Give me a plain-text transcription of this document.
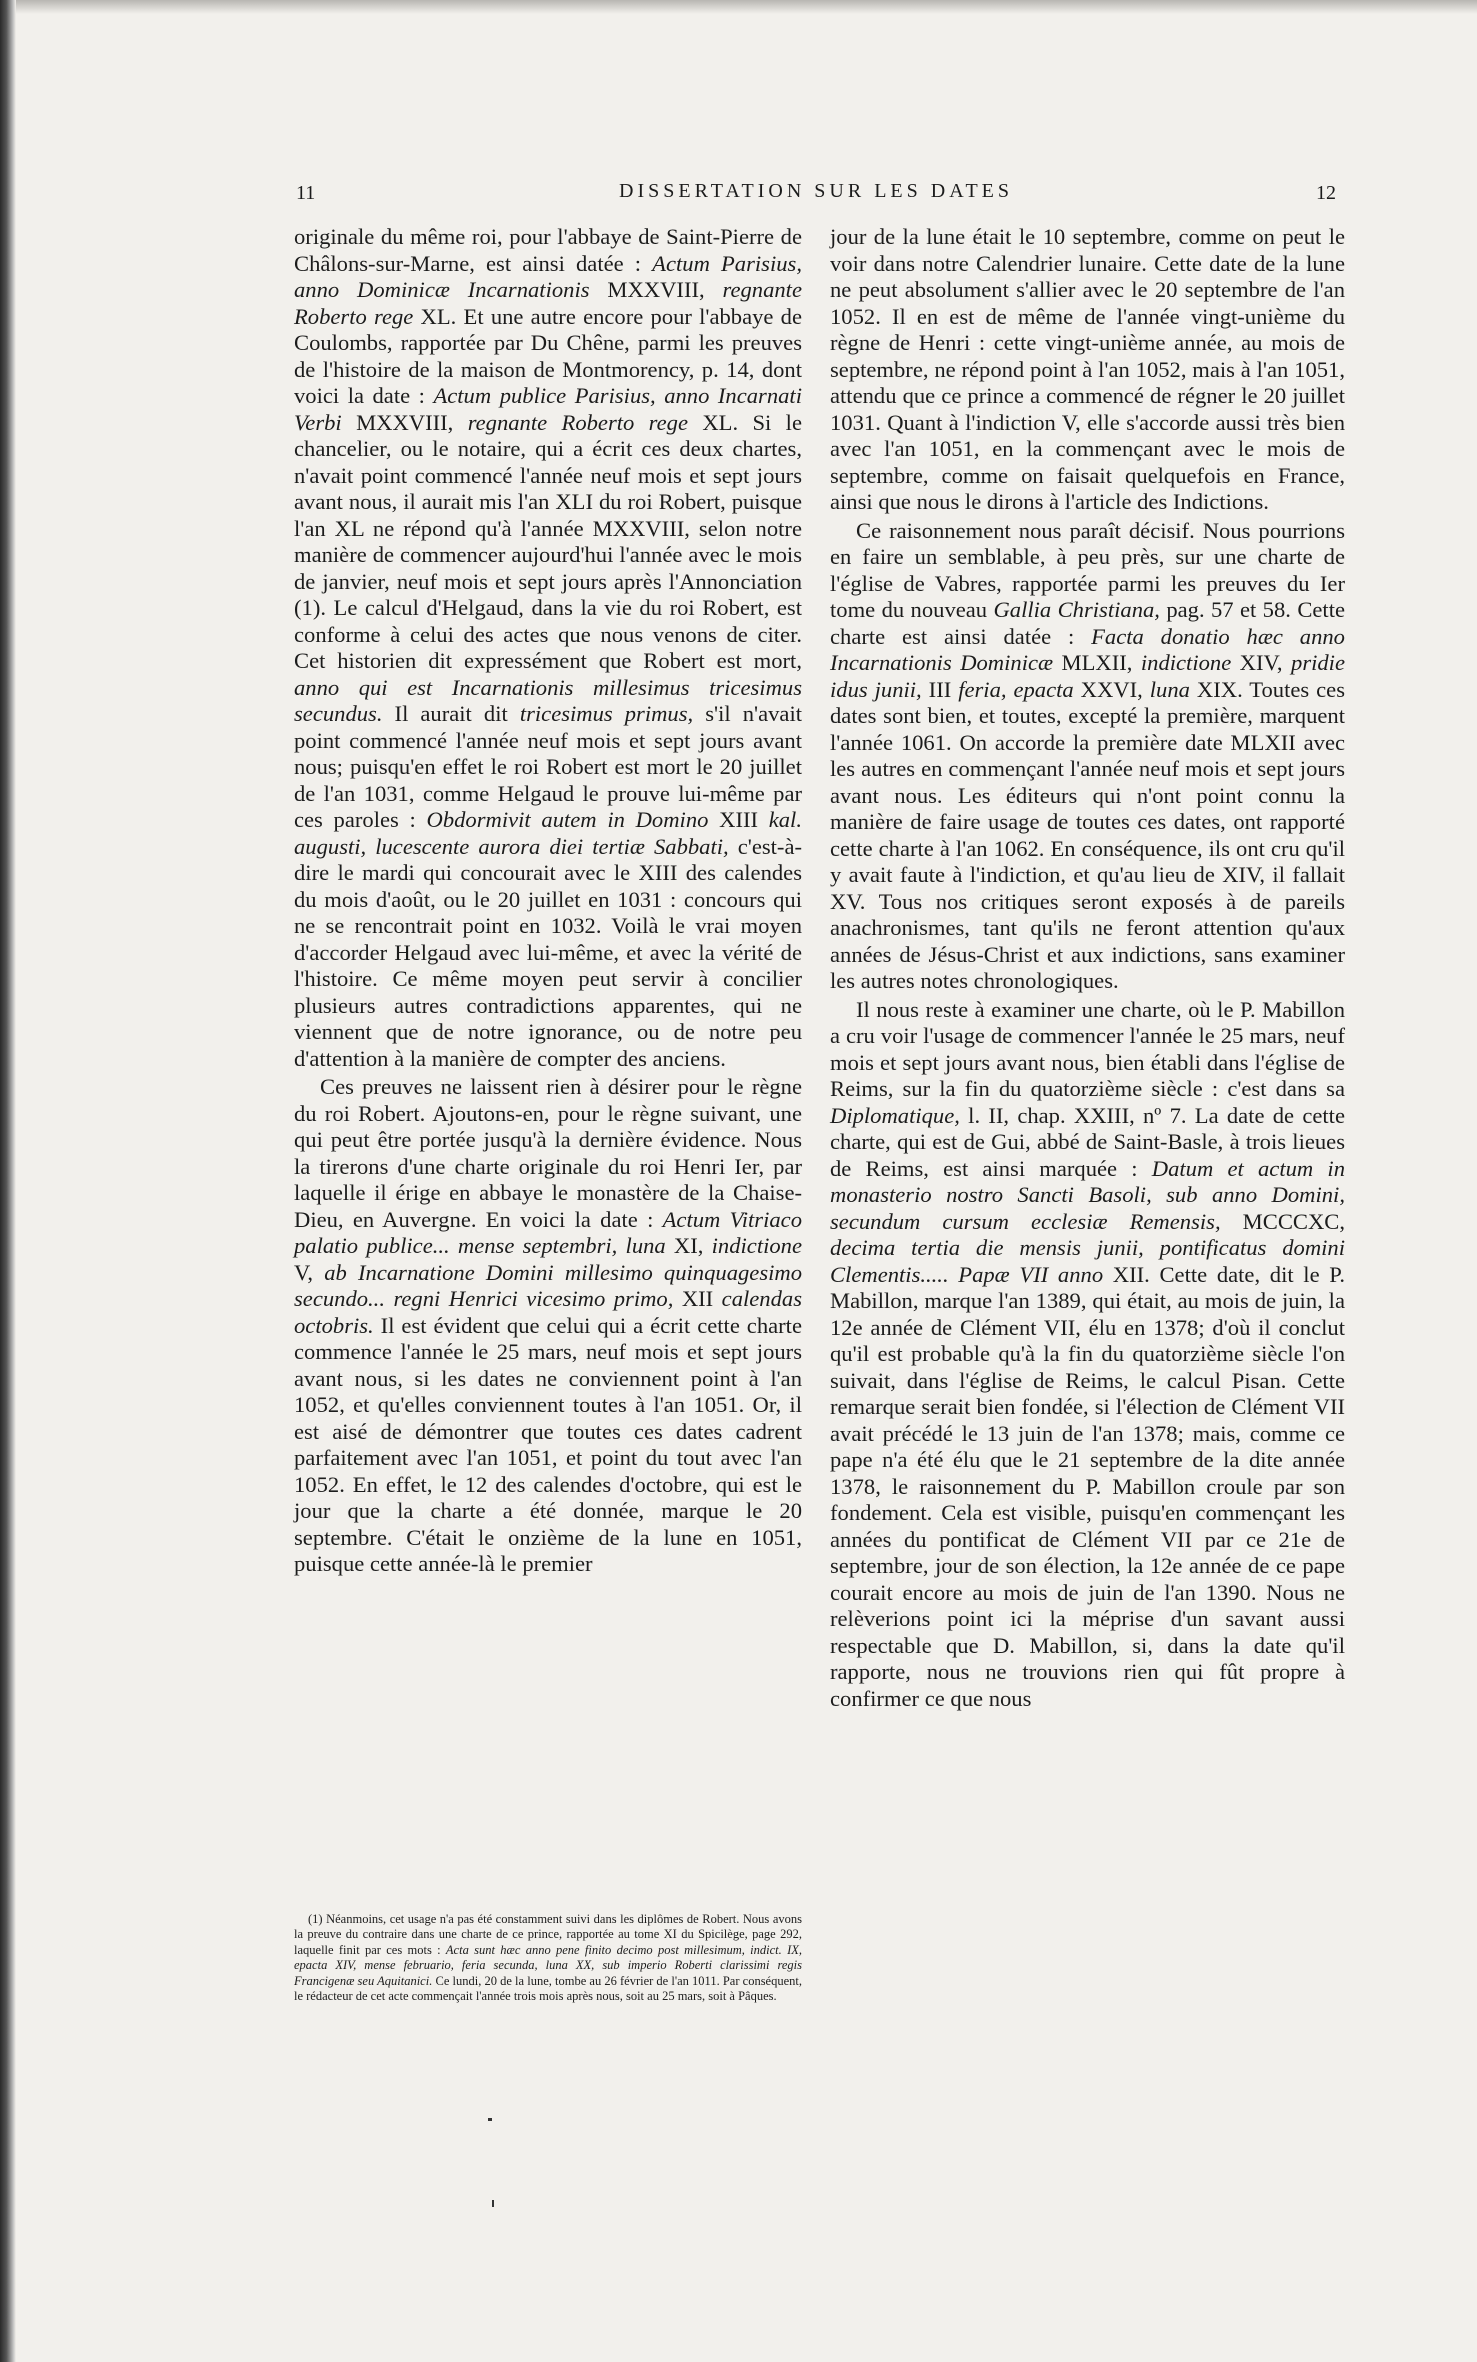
11	DISSERTATION SUR LES DATES	12

originale du même roi, pour l'abbaye de Saint-Pierre de Châlons-sur-Marne, est ainsi datée : Actum Parisius, anno Dominicæ Incarnationis MXXVIII, regnante Roberto rege XL. Et une autre encore pour l'abbaye de Coulombs, rapportée par Du Chêne, parmi les preuves de l'histoire de la maison de Montmorency, p. 14, dont voici la date : Actum publice Parisius, anno Incarnati Verbi MXXVIII, regnante Roberto rege XL. Si le chancelier, ou le notaire, qui a écrit ces deux chartes, n'avait point commencé l'année neuf mois et sept jours avant nous, il aurait mis l'an XLI du roi Robert, puisque l'an XL ne répond qu'à l'année MXXVIII, selon notre manière de commencer aujourd'hui l'année avec le mois de janvier, neuf mois et sept jours après l'Annonciation (1). Le calcul d'Helgaud, dans la vie du roi Robert, est conforme à celui des actes que nous venons de citer. Cet historien dit expressément que Robert est mort, anno qui est Incarnationis millesimus tricesimus secundus. Il aurait dit tricesimus primus, s'il n'avait point commencé l'année neuf mois et sept jours avant nous; puisqu'en effet le roi Robert est mort le 20 juillet de l'an 1031, comme Helgaud le prouve lui-même par ces paroles : Obdormivit autem in Domino XIII kal. augusti, lucescente aurora diei tertiæ Sabbati, c'est-à-dire le mardi qui concourait avec le XIII des calendes du mois d'août, ou le 20 juillet en 1031 : concours qui ne se rencontrait point en 1032. Voilà le vrai moyen d'accorder Helgaud avec lui-même, et avec la vérité de l'histoire. Ce même moyen peut servir à concilier plusieurs autres contradictions apparentes, qui ne viennent que de notre ignorance, ou de notre peu d'attention à la manière de compter des anciens.

Ces preuves ne laissent rien à désirer pour le règne du roi Robert. Ajoutons-en, pour le règne suivant, une qui peut être portée jusqu'à la dernière évidence. Nous la tirerons d'une charte originale du roi Henri Ier, par laquelle il érige en abbaye le monastère de la Chaise-Dieu, en Auvergne. En voici la date : Actum Vitriaco palatio publice... mense septembri, luna XI, indictione V, ab Incarnatione Domini millesimo quinquagesimo secundo... regni Henrici vicesimo primo, XII calendas octobris. Il est évident que celui qui a écrit cette charte commence l'année le 25 mars, neuf mois et sept jours avant nous, si les dates ne conviennent point à l'an 1052, et qu'elles conviennent toutes à l'an 1051. Or, il est aisé de démontrer que toutes ces dates cadrent parfaitement avec l'an 1051, et point du tout avec l'an 1052. En effet, le 12 des calendes d'octobre, qui est le jour que la charte a été donnée, marque le 20 septembre. C'était le onzième de la lune en 1051, puisque cette année-là le premier

jour de la lune était le 10 septembre, comme on peut le voir dans notre Calendrier lunaire. Cette date de la lune ne peut absolument s'allier avec le 20 septembre de l'an 1052. Il en est de même de l'année vingt-unième du règne de Henri : cette vingt-unième année, au mois de septembre, ne répond point à l'an 1052, mais à l'an 1051, attendu que ce prince a commencé de régner le 20 juillet 1031. Quant à l'indiction V, elle s'accorde aussi très bien avec l'an 1051, en la commençant avec le mois de septembre, comme on faisait quelquefois en France, ainsi que nous le dirons à l'article des Indictions.

Ce raisonnement nous paraît décisif. Nous pourrions en faire un semblable, à peu près, sur une charte de l'église de Vabres, rapportée parmi les preuves du Ier tome du nouveau Gallia Christiana, pag. 57 et 58. Cette charte est ainsi datée : Facta donatio hæc anno Incarnationis Dominicæ MLXII, indictione XIV, pridie idus junii, III feria, epacta XXVI, luna XIX. Toutes ces dates sont bien, et toutes, excepté la première, marquent l'année 1061. On accorde la première date MLXII avec les autres en commençant l'année neuf mois et sept jours avant nous. Les éditeurs qui n'ont point connu la manière de faire usage de toutes ces dates, ont rapporté cette charte à l'an 1062. En conséquence, ils ont cru qu'il y avait faute à l'indiction, et qu'au lieu de XIV, il fallait XV. Tous nos critiques seront exposés à de pareils anachronismes, tant qu'ils ne feront attention qu'aux années de Jésus-Christ et aux indictions, sans examiner les autres notes chronologiques.

Il nous reste à examiner une charte, où le P. Mabillon a cru voir l'usage de commencer l'année le 25 mars, neuf mois et sept jours avant nous, bien établi dans l'église de Reims, sur la fin du quatorzième siècle : c'est dans sa Diplomatique, l. II, chap. XXIII, nº 7. La date de cette charte, qui est de Gui, abbé de Saint-Basle, à trois lieues de Reims, est ainsi marquée : Datum et actum in monasterio nostro Sancti Basoli, sub anno Domini, secundum cursum ecclesiæ Remensis, MCCCXC, decima tertia die mensis junii, pontificatus domini Clementis..... Papæ VII anno XII. Cette date, dit le P. Mabillon, marque l'an 1389, qui était, au mois de juin, la 12e année de Clément VII, élu en 1378; d'où il conclut qu'il est probable qu'à la fin du quatorzième siècle l'on suivait, dans l'église de Reims, le calcul Pisan. Cette remarque serait bien fondée, si l'élection de Clément VII avait précédé le 13 juin de l'an 1378; mais, comme ce pape n'a été élu que le 21 septembre de la dite année 1378, le raisonnement du P. Mabillon croule par son fondement. Cela est visible, puisqu'en commençant les années du pontificat de Clément VII par ce 21e de septembre, jour de son élection, la 12e année de ce pape courait encore au mois de juin de l'an 1390. Nous ne relèverions point ici la méprise d'un savant aussi respectable que D. Mabillon, si, dans la date qu'il rapporte, nous ne trouvions rien qui fût propre à confirmer ce que nous

(1) Néanmoins, cet usage n'a pas été constamment suivi dans les diplômes de Robert. Nous avons la preuve du contraire dans une charte de ce prince, rapportée au tome XI du Spicilège, page 292, laquelle finit par ces mots : Acta sunt hæc anno pene finito decimo post millesimum, indict. IX, epacta XIV, mense februario, feria secunda, luna XX, sub imperio Roberti clarissimi regis Francigenæ seu Aquitanici. Ce lundi, 20 de la lune, tombe au 26 février de l'an 1011. Par conséquent, le rédacteur de cet acte commençait l'année trois mois après nous, soit au 25 mars, soit à Pâques.
